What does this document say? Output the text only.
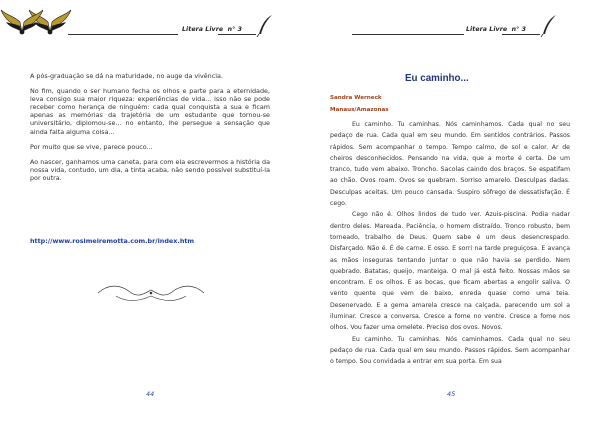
Litera Livre n° 3

A pós-graduação se dá na maturidade, no auge da vivência.

No fim, quando o ser humano fecha os olhos e parte para a eternidade, leva consigo sua maior riqueza: experiências de vida... isso não se pode receber como herança de ninguém: cada qual conquista a sua e ficam apenas as memórias da trajetória de um estudante que tornou-se universitário, diplomou-se... no entanto, lhe persegue a sensação que ainda falta alguma coisa...

Por muito que se vive, parece pouco...

Ao nascer, ganhamos uma caneta, para com ela escrevermos a história da nossa vida, contudo, um dia, a tinta acaba, não sendo possível substituí-la por outra.

http://www.rosimeiremotta.com.br/index.htm
44
Litera Livre n° 3
Eu caminho...
Sandra Werneck
Manaus/Amazonas

Eu caminho. Tu caminhas. Nós caminhamos. Cada qual no seu pedaço de rua. Cada qual em seu mundo. Em sentidos contrários. Passos rápidos. Sem acompanhar o tempo. Tempo calmo, de sol e calor. Ar de cheiros desconhecidos. Pensando na vida, que a morte é certa. De um tranco, tudo vem abaixo. Troncho. Sacolas caindo dos braços. Se espatifam ao chão. Ovos roam. Ovos se quebram. Sorriso amarelo. Desculpas dadas. Desculpas aceitas. Um pouco cansada. Suspiro sôfrego de dessatisfação. É cego.

Cego não é. Olhos lindos de tudo ver. Azuis-piscina. Podia nadar dentro deles. Mareada. Paciência, o homem distraído. Tronco robusto, bem torneado, trabalho de Deus. Quem sabe é um deus desencrespado. Disfarçado. Não é. É de carne. E osso. E sorri na tarde preguiçosa. E avança as mãos inseguras tentando juntar o que não havia se perdido. Nem quebrado. Batatas, queijo, manteiga. O mal já está feito. Nossas mãos se encontram. E os olhos. E as bocas, que ficam abertas a engolir saliva. O vento quente que vem de baixo, enreda quase como uma teia. Desenervado. E a gema amarela cresce na calçada, parecendo um sol a iluminar. Cresce a conversa. Cresce a fome no ventre. Cresce a fome nos olhos. Vou fazer uma omelete. Preciso dos ovos. Novos.

Eu caminho. Tu caminhas. Nós caminhamos. Cada qual no seu pedaço de rua. Cada qual em seu mundo. Passos rápidos. Sem acompanhar o tempo. Sou convidada a entrar em sua porta. Em sua

45
